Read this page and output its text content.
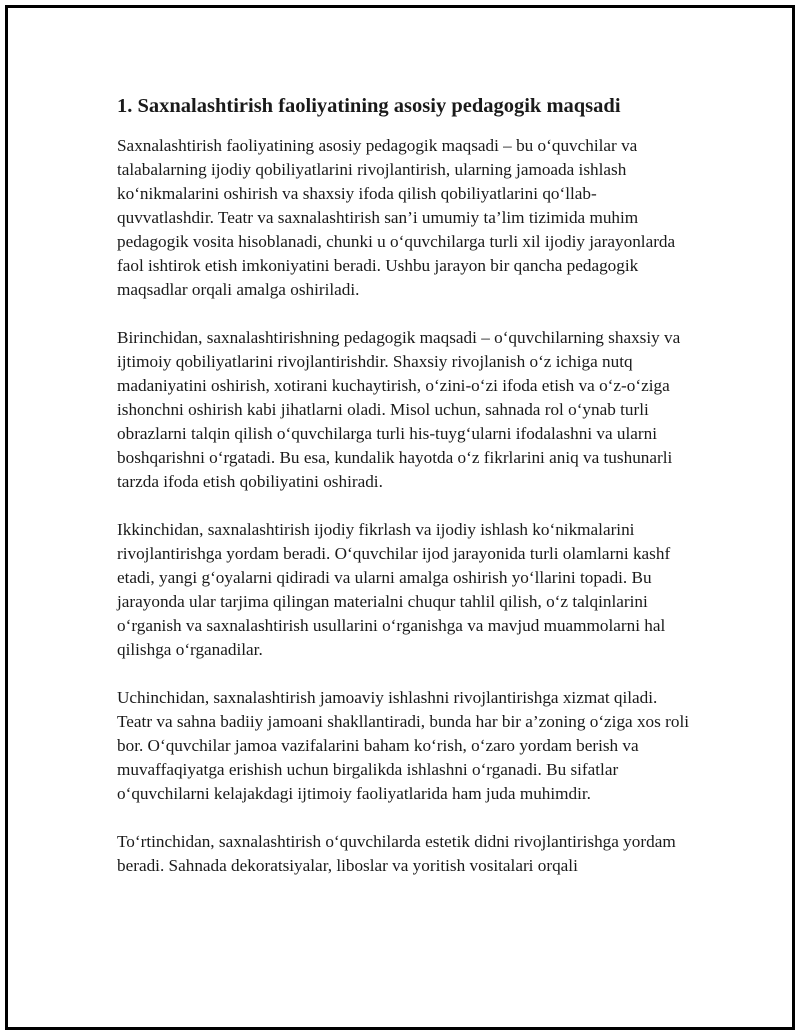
1. Saxnalashtirish faoliyatining asosiy pedagogik maqsadi

Saxnalashtirish faoliyatining asosiy pedagogik maqsadi – bu o‘quvchilar va talabalarning ijodiy qobiliyatlarini rivojlantirish, ularning jamoada ishlash ko‘nikmalarini oshirish va shaxsiy ifoda qilish qobiliyatlarini qo‘llab-quvvatlashdir. Teatr va saxnalashtirish san’i umumiy ta’lim tizimida muhim pedagogik vosita hisoblanadi, chunki u o‘quvchilarga turli xil ijodiy jarayonlarda faol ishtirok etish imkoniyatini beradi. Ushbu jarayon bir qancha pedagogik maqsadlar orqali amalga oshiriladi.

Birinchidan, saxnalashtirishning pedagogik maqsadi – o‘quvchilarning shaxsiy va ijtimoiy qobiliyatlarini rivojlantirishdir. Shaxsiy rivojlanish o‘z ichiga nutq madaniyatini oshirish, xotirani kuchaytirish, o‘zini-o‘zi ifoda etish va o‘z-o‘ziga ishonchni oshirish kabi jihatlarni oladi. Misol uchun, sahnada rol o‘ynab turli obrazlarni talqin qilish o‘quvchilarga turli his-tuyg‘ularni ifodalashni va ularni boshqarishni o‘rgatadi. Bu esa, kundalik hayotda o‘z fikrlarini aniq va tushunarli tarzda ifoda etish qobiliyatini oshiradi.

Ikkinchidan, saxnalashtirish ijodiy fikrlash va ijodiy ishlash ko‘nikmalarini rivojlantirishga yordam beradi. O‘quvchilar ijod jarayonida turli olamlarni kashf etadi, yangi g‘oyalarni qidiradi va ularni amalga oshirish yo‘llarini topadi. Bu jarayonda ular tarjima qilingan materialni chuqur tahlil qilish, o‘z talqinlarini o‘rganish va saxnalashtirish usullarini o‘rganishga va mavjud muammolarni hal qilishga o‘rganadilar.

Uchinchidan, saxnalashtirish jamoaviy ishlashni rivojlantirishga xizmat qiladi. Teatr va sahna badiiy jamoani shakllantiradi, bunda har bir a’zoning o‘ziga xos roli bor. O‘quvchilar jamoa vazifalarini baham ko‘rish, o‘zaro yordam berish va muvaffaqiyatga erishish uchun birgalikda ishlashni o‘rganadi. Bu sifatlar o‘quvchilarni kelajakdagi ijtimoiy faoliyatlarida ham juda muhimdir.

To‘rtinchidan, saxnalashtirish o‘quvchilarda estetik didni rivojlantirishga yordam beradi. Sahnada dekoratsiyalar, liboslar va yoritish vositalari orqali
